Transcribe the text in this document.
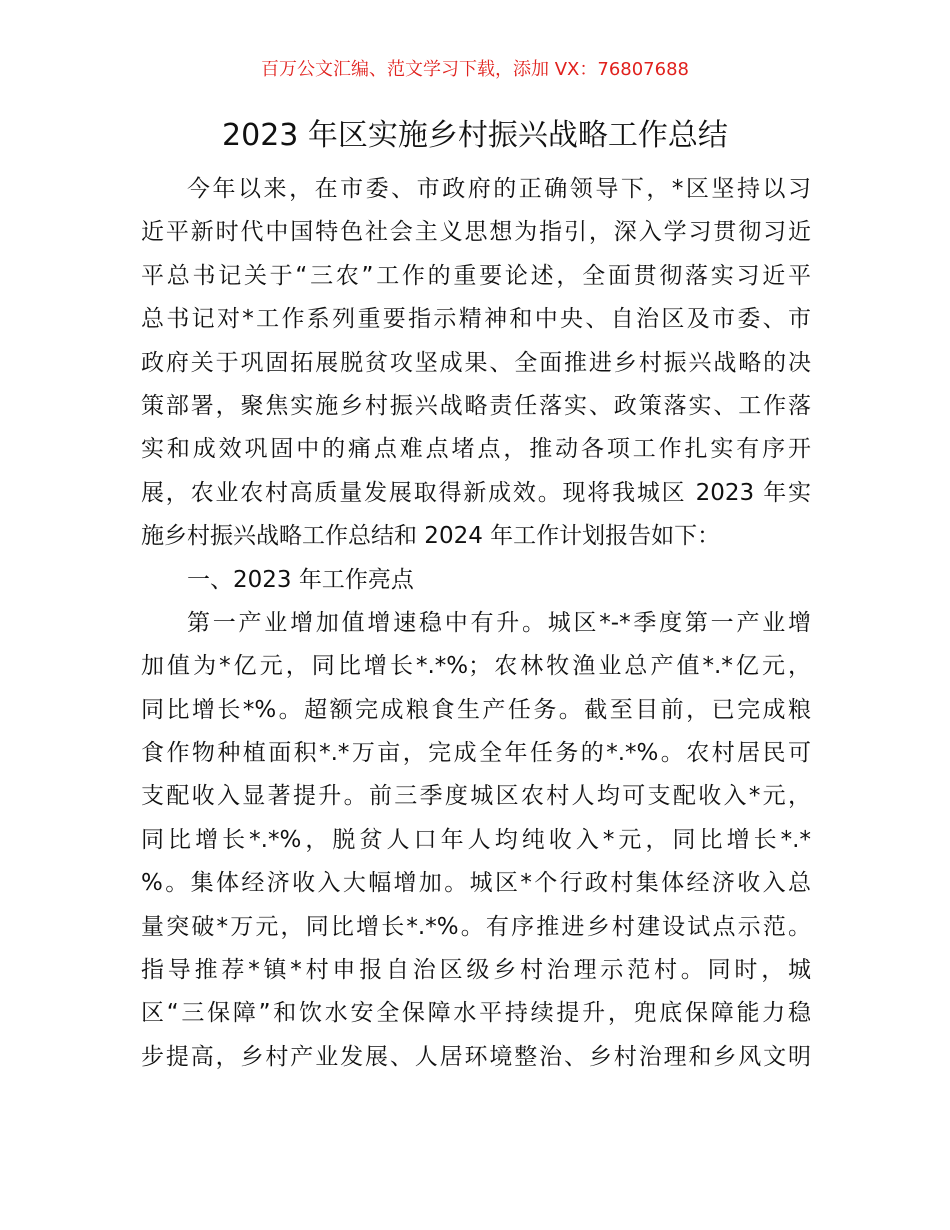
百万公文汇编、范文学习下载，添加 VX：76807688
2023 年区实施乡村振兴战略工作总结
今年以来，在市委、市政府的正确领导下，*区坚持以习
近平新时代中国特色社会主义思想为指引，深入学习贯彻习近
平总书记关于“三农”工作的重要论述，全面贯彻落实习近平
总书记对*工作系列重要指示精神和中央、自治区及市委、市
政府关于巩固拓展脱贫攻坚成果、全面推进乡村振兴战略的决
策部署，聚焦实施乡村振兴战略责任落实、政策落实、工作落
实和成效巩固中的痛点难点堵点，推动各项工作扎实有序开
展，农业农村高质量发展取得新成效。现将我城区 2023 年实
施乡村振兴战略工作总结和 2024 年工作计划报告如下：
一、2023 年工作亮点
第一产业增加值增速稳中有升。城区*-*季度第一产业增
加值为*亿元，同比增长*.*%；农林牧渔业总产值*.*亿元，
同比增长*%。超额完成粮食生产任务。截至目前，已完成粮
食作物种植面积*.*万亩，完成全年任务的*.*%。农村居民可
支配收入显著提升。前三季度城区农村人均可支配收入*元，
同比增长*.*%，脱贫人口年人均纯收入*元，同比增长*.*
%。集体经济收入大幅增加。城区*个行政村集体经济收入总
量突破*万元，同比增长*.*%。有序推进乡村建设试点示范。
指导推荐*镇*村申报自治区级乡村治理示范村。同时，城
区“三保障”和饮水安全保障水平持续提升，兜底保障能力稳
步提高，乡村产业发展、人居环境整治、乡村治理和乡风文明
